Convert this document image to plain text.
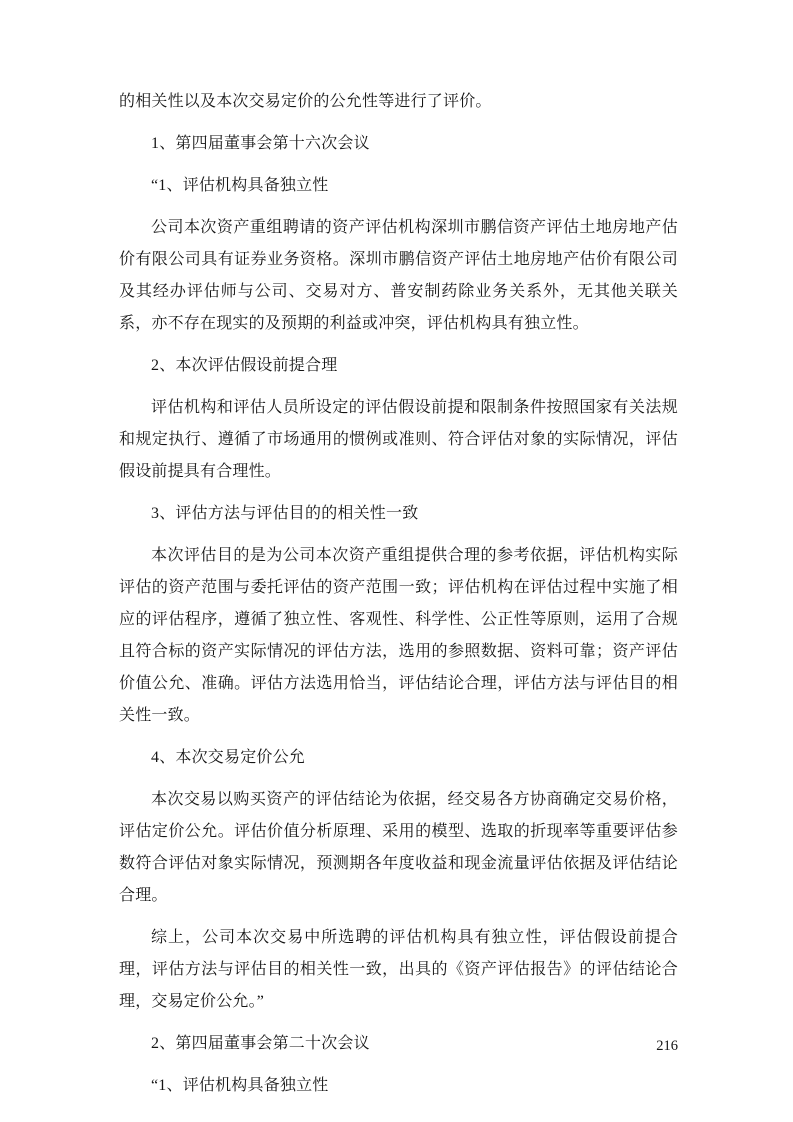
的相关性以及本次交易定价的公允性等进行了评价。

1、第四届董事会第十六次会议

“1、评估机构具备独立性

公司本次资产重组聘请的资产评估机构深圳市鹏信资产评估土地房地产估价有限公司具有证券业务资格。深圳市鹏信资产评估土地房地产估价有限公司及其经办评估师与公司、交易对方、普安制药除业务关系外，无其他关联关系，亦不存在现实的及预期的利益或冲突，评估机构具有独立性。

2、本次评估假设前提合理

评估机构和评估人员所设定的评估假设前提和限制条件按照国家有关法规和规定执行、遵循了市场通用的惯例或准则、符合评估对象的实际情况，评估假设前提具有合理性。

3、评估方法与评估目的的相关性一致

本次评估目的是为公司本次资产重组提供合理的参考依据，评估机构实际评估的资产范围与委托评估的资产范围一致；评估机构在评估过程中实施了相应的评估程序，遵循了独立性、客观性、科学性、公正性等原则，运用了合规且符合标的资产实际情况的评估方法，选用的参照数据、资料可靠；资产评估价值公允、准确。评估方法选用恰当，评估结论合理，评估方法与评估目的相关性一致。

4、本次交易定价公允

本次交易以购买资产的评估结论为依据，经交易各方协商确定交易价格，评估定价公允。评估价值分析原理、采用的模型、选取的折现率等重要评估参数符合评估对象实际情况，预测期各年度收益和现金流量评估依据及评估结论合理。

综上，公司本次交易中所选聘的评估机构具有独立性，评估假设前提合理，评估方法与评估目的相关性一致，出具的《资产评估报告》的评估结论合理，交易定价公允。”

2、第四届董事会第二十次会议

“1、评估机构具备独立性

216
